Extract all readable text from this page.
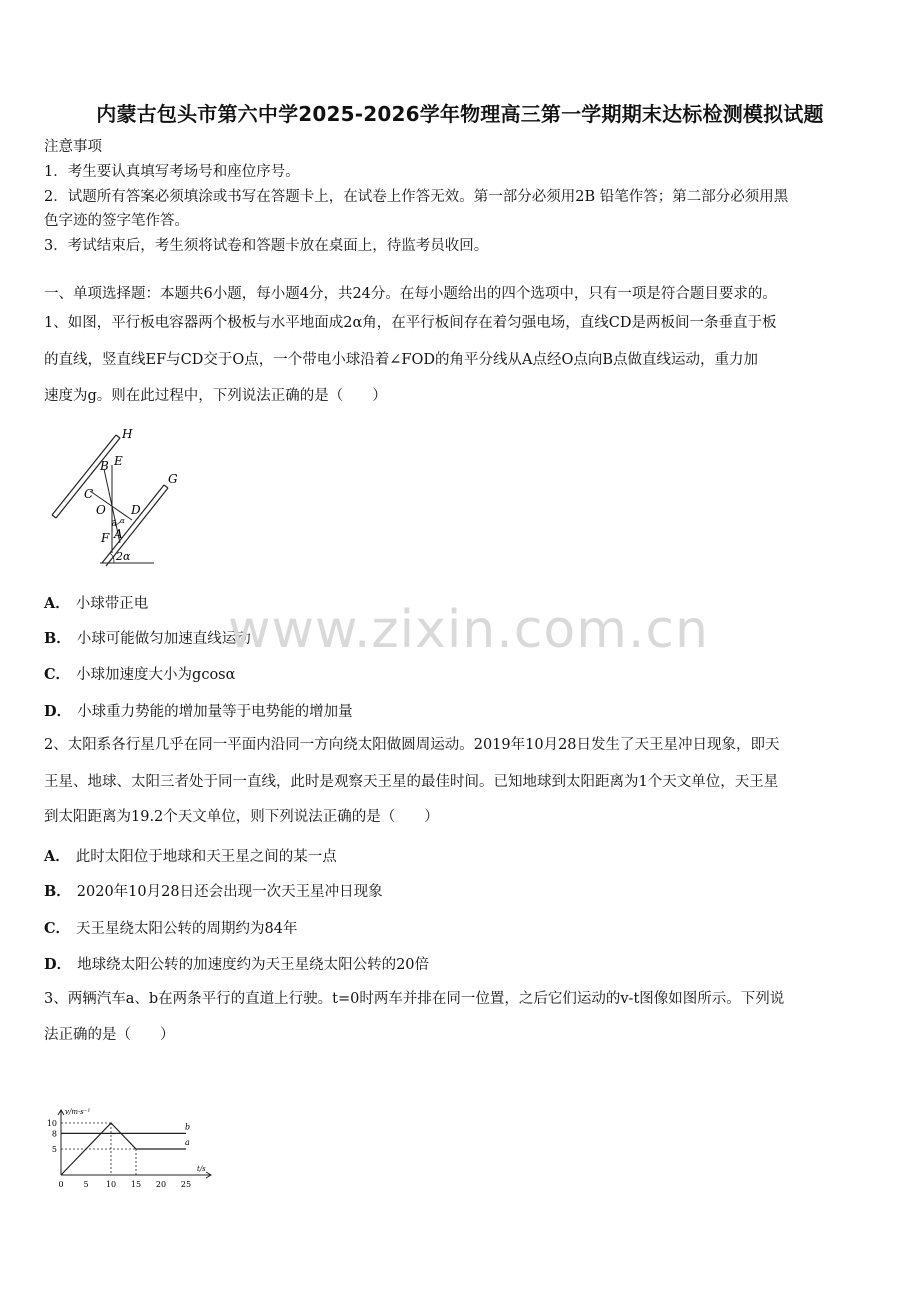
内蒙古包头市第六中学2025-2026学年物理高三第一学期期末达标检测模拟试题
注意事项
1．考生要认真填写考场号和座位序号。
2．试题所有答案必须填涂或书写在答题卡上，在试卷上作答无效。第一部分必须用2B 铅笔作答；第二部分必须用黑
色字迹的签字笔作答。
3．考试结束后，考生须将试卷和答题卡放在桌面上，待监考员收回。
一、单项选择题：本题共6小题，每小题4分，共24分。在每小题给出的四个选项中，只有一项是符合题目要求的。
1、如图，平行板电容器两个极板与水平地面成2α角，在平行板间存在着匀强电场，直线CD是两板间一条垂直于板
的直线，竖直线EF与CD交于O点，一个带电小球沿着∠FOD的角平分线从A点经O点向B点做直线运动，重力加
速度为g。则在此过程中，下列说法正确的是（　　）
H
G
B E
C
O D
F A
2α
α α
A． 小球带正电
B． 小球可能做匀加速直线运动
C． 小球加速度大小为gcosα
D． 小球重力势能的增加量等于电势能的增加量
www.zixin.com.cn
2、太阳系各行星几乎在同一平面内沿同一方向绕太阳做圆周运动。2019年10月28日发生了天王星冲日现象，即天
王星、地球、太阳三者处于同一直线，此时是观察天王星的最佳时间。已知地球到太阳距离为1个天文单位，天王星
到太阳距离为19.2个天文单位，则下列说法正确的是（　　）
A． 此时太阳位于地球和天王星之间的某一点
B． 2020年10月28日还会出现一次天王星冲日现象
C． 天王星绕太阳公转的周期约为84年
D． 地球绕太阳公转的加速度约为天王星绕太阳公转的20倍
3、两辆汽车a、b在两条平行的直道上行驶。t=0时两车并排在同一位置，之后它们运动的v-t图像如图所示。下列说
法正确的是（　　）
v/m·s⁻¹
t/s
0 5 10 15 20 25
5
8
10
a
b
